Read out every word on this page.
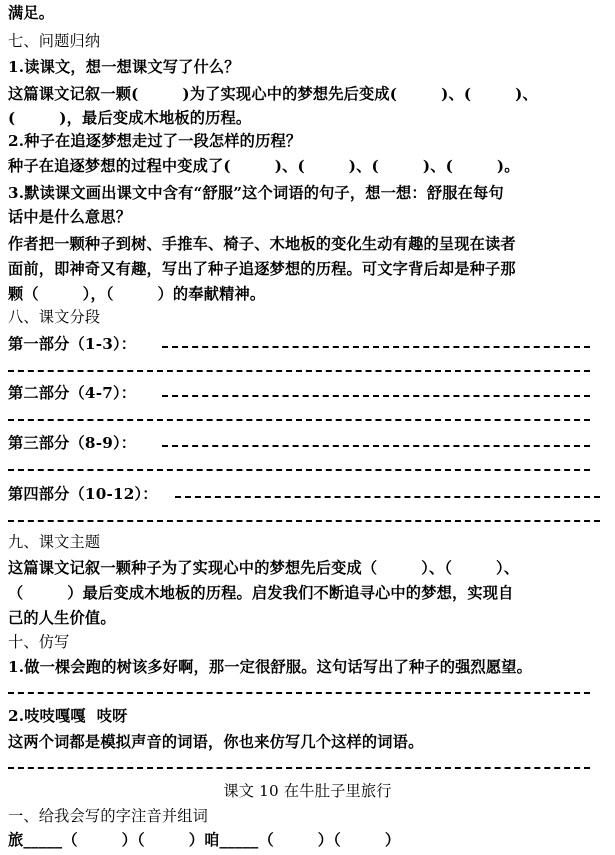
满足。
七、问题归纳
1.读课文，想一想课文写了什么？
这篇课文记叙一颗(        )为了实现心中的梦想先后变成(        )、(        )、
(        )，最后变成木地板的历程。
2.种子在追逐梦想走过了一段怎样的历程？
种子在追逐梦想的过程中变成了(        )、(        )、(        )、(        )。
3.默读课文画出课文中含有“舒服”这个词语的句子，想一想：舒服在每句
话中是什么意思？
作者把一颗种子到树、手推车、椅子、木地板的变化生动有趣的呈现在读者
面前，即神奇又有趣，写出了种子追逐梦想的历程。可文字背后却是种子那
颗（        ），（        ）的奉献精神。
八、课文分段
第一部分（1-3）：
第二部分（4-7）：
第三部分（8-9）：
第四部分（10-12）：
九、课文主题
这篇课文记叙一颗种子为了实现心中的梦想先后变成（        ）、（        ）、
（        ）最后变成木地板的历程。启发我们不断追寻心中的梦想，实现自
己的人生价值。
十、仿写
1.做一棵会跑的树该多好啊，那一定很舒服。这句话写出了种子的强烈愿望。
2.吱吱嘎嘎  吱呀
这两个词都是模拟声音的词语，你也来仿写几个这样的词语。
课文 10 在牛肚子里旅行
一、给我会写的字注音并组词
旅_____（        ）（        ）咱_____（        ）（        ）
